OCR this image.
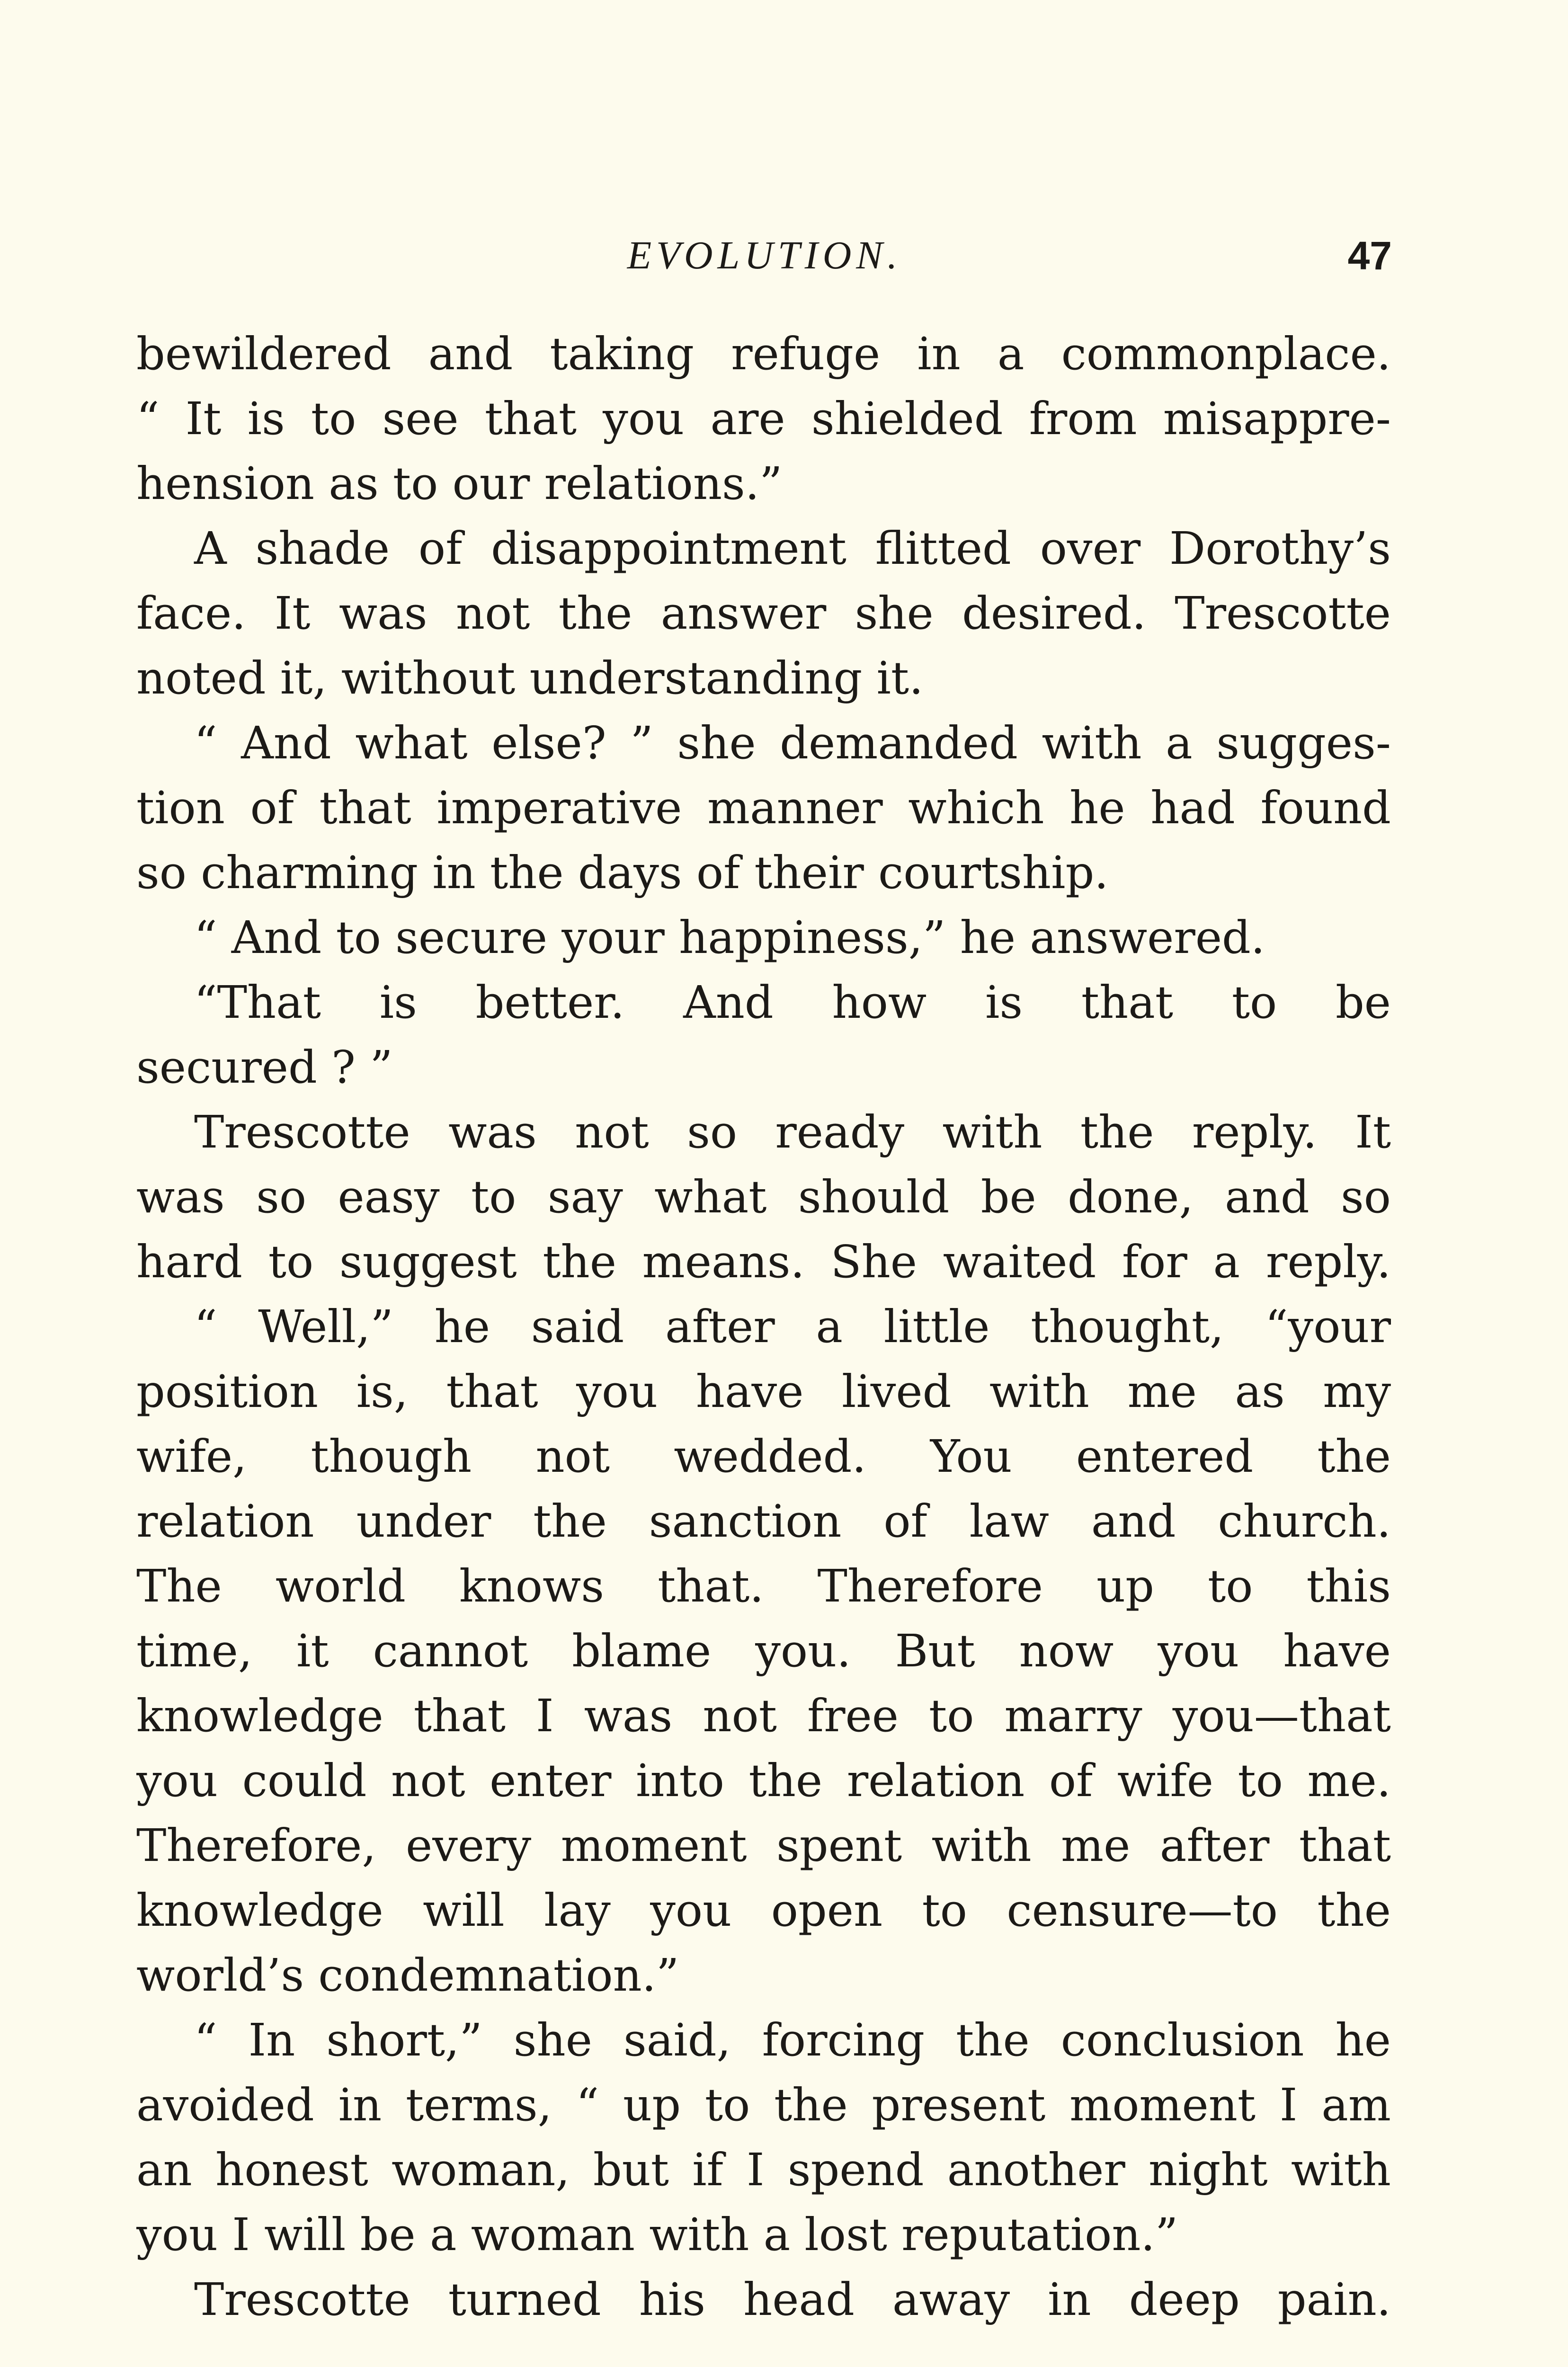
EVOLUTION.	47
bewildered and taking refuge in a commonplace.
“ It is to see that you are shielded from misappre-
hension as to our relations.”
A shade of disappointment flitted over Dorothy’s
face. It was not the answer she desired. Trescotte
noted it, without understanding it.
“ And what else? ” she demanded with a sugges-
tion of that imperative manner which he had found
so charming in the days of their courtship.
“ And to secure your happiness,” he answered.
“That is better. And how is that to be
secured ? ”
Trescotte was not so ready with the reply. It
was so easy to say what should be done, and so
hard to suggest the means. She waited for a reply.
“ Well,” he said after a little thought, “your
position is, that you have lived with me as my
wife, though not wedded. You entered the
relation under the sanction of law and church.
The world knows that. Therefore up to this
time, it cannot blame you. But now you have
knowledge that I was not free to marry you—that
you could not enter into the relation of wife to me.
Therefore, every moment spent with me after that
knowledge will lay you open to censure—to the
world’s condemnation.”
“ In short,” she said, forcing the conclusion he
avoided in terms, “ up to the present moment I am
an honest woman, but if I spend another night with
you I will be a woman with a lost reputation.”
Trescotte turned his head away in deep pain.
